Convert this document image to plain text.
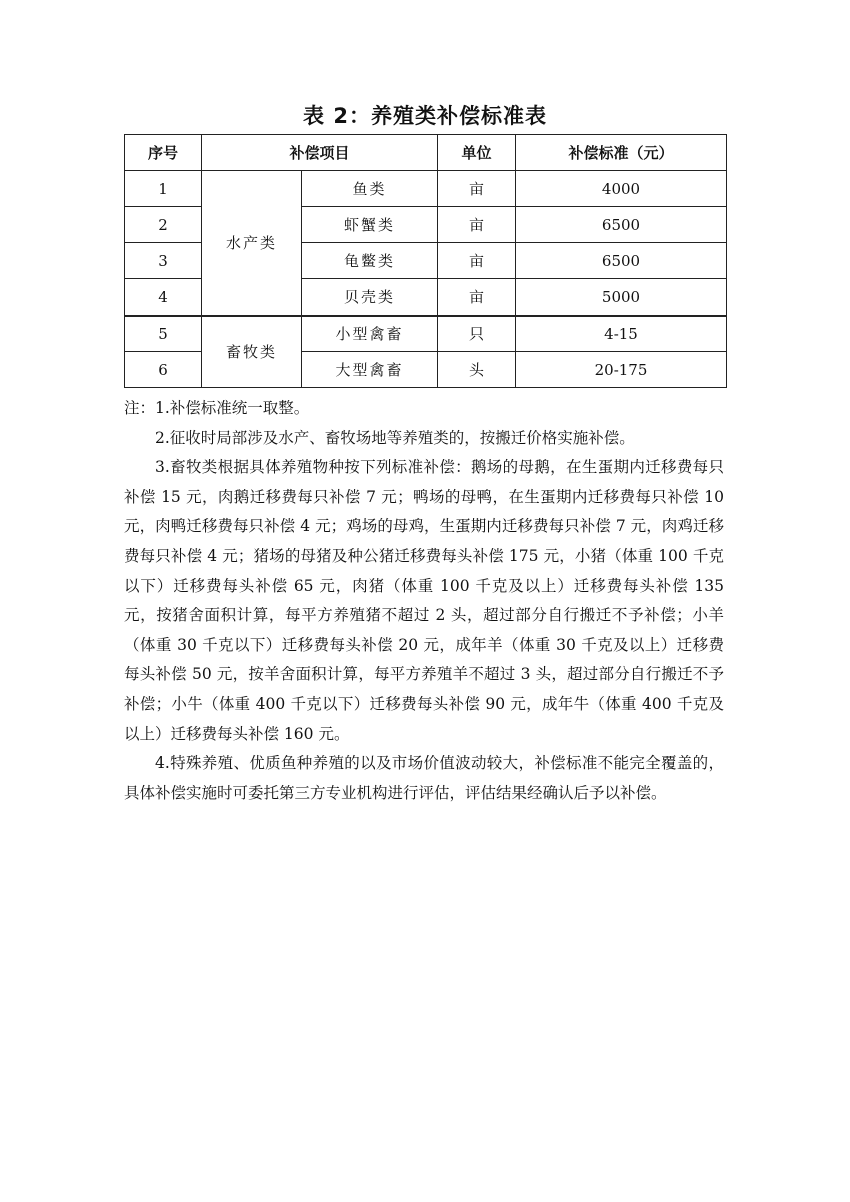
表 2：养殖类补偿标准表
序号	补偿项目		单位	补偿标准（元）
1	水产类	鱼类	亩	4000
2		虾蟹类	亩	6500
3		龟鳖类	亩	6500
4		贝壳类	亩	5000
5	畜牧类	小型禽畜	只	4-15
6		大型禽畜	头	20-175

注：1.补偿标准统一取整。

2.征收时局部涉及水产、畜牧场地等养殖类的，按搬迁价格实施补偿。

3.畜牧类根据具体养殖物种按下列标准补偿：鹅场的母鹅，在生蛋期内迁移费每只补偿 15 元，肉鹅迁移费每只补偿 7 元；鸭场的母鸭，在生蛋期内迁移费每只补偿 10 元，肉鸭迁移费每只补偿 4 元；鸡场的母鸡，生蛋期内迁移费每只补偿 7 元，肉鸡迁移费每只补偿 4 元；猪场的母猪及种公猪迁移费每头补偿 175 元，小猪（体重 100 千克以下）迁移费每头补偿 65 元，肉猪（体重 100 千克及以上）迁移费每头补偿 135 元，按猪舍面积计算，每平方养殖猪不超过 2 头，超过部分自行搬迁不予补偿；小羊（体重 30 千克以下）迁移费每头补偿 20 元，成年羊（体重 30 千克及以上）迁移费每头补偿 50 元，按羊舍面积计算，每平方养殖羊不超过 3 头，超过部分自行搬迁不予补偿；小牛（体重 400 千克以下）迁移费每头补偿 90 元，成年牛（体重 400 千克及以上）迁移费每头补偿 160 元。

4.特殊养殖、优质鱼种养殖的以及市场价值波动较大，补偿标准不能完全覆盖的，具体补偿实施时可委托第三方专业机构进行评估，评估结果经确认后予以补偿。
